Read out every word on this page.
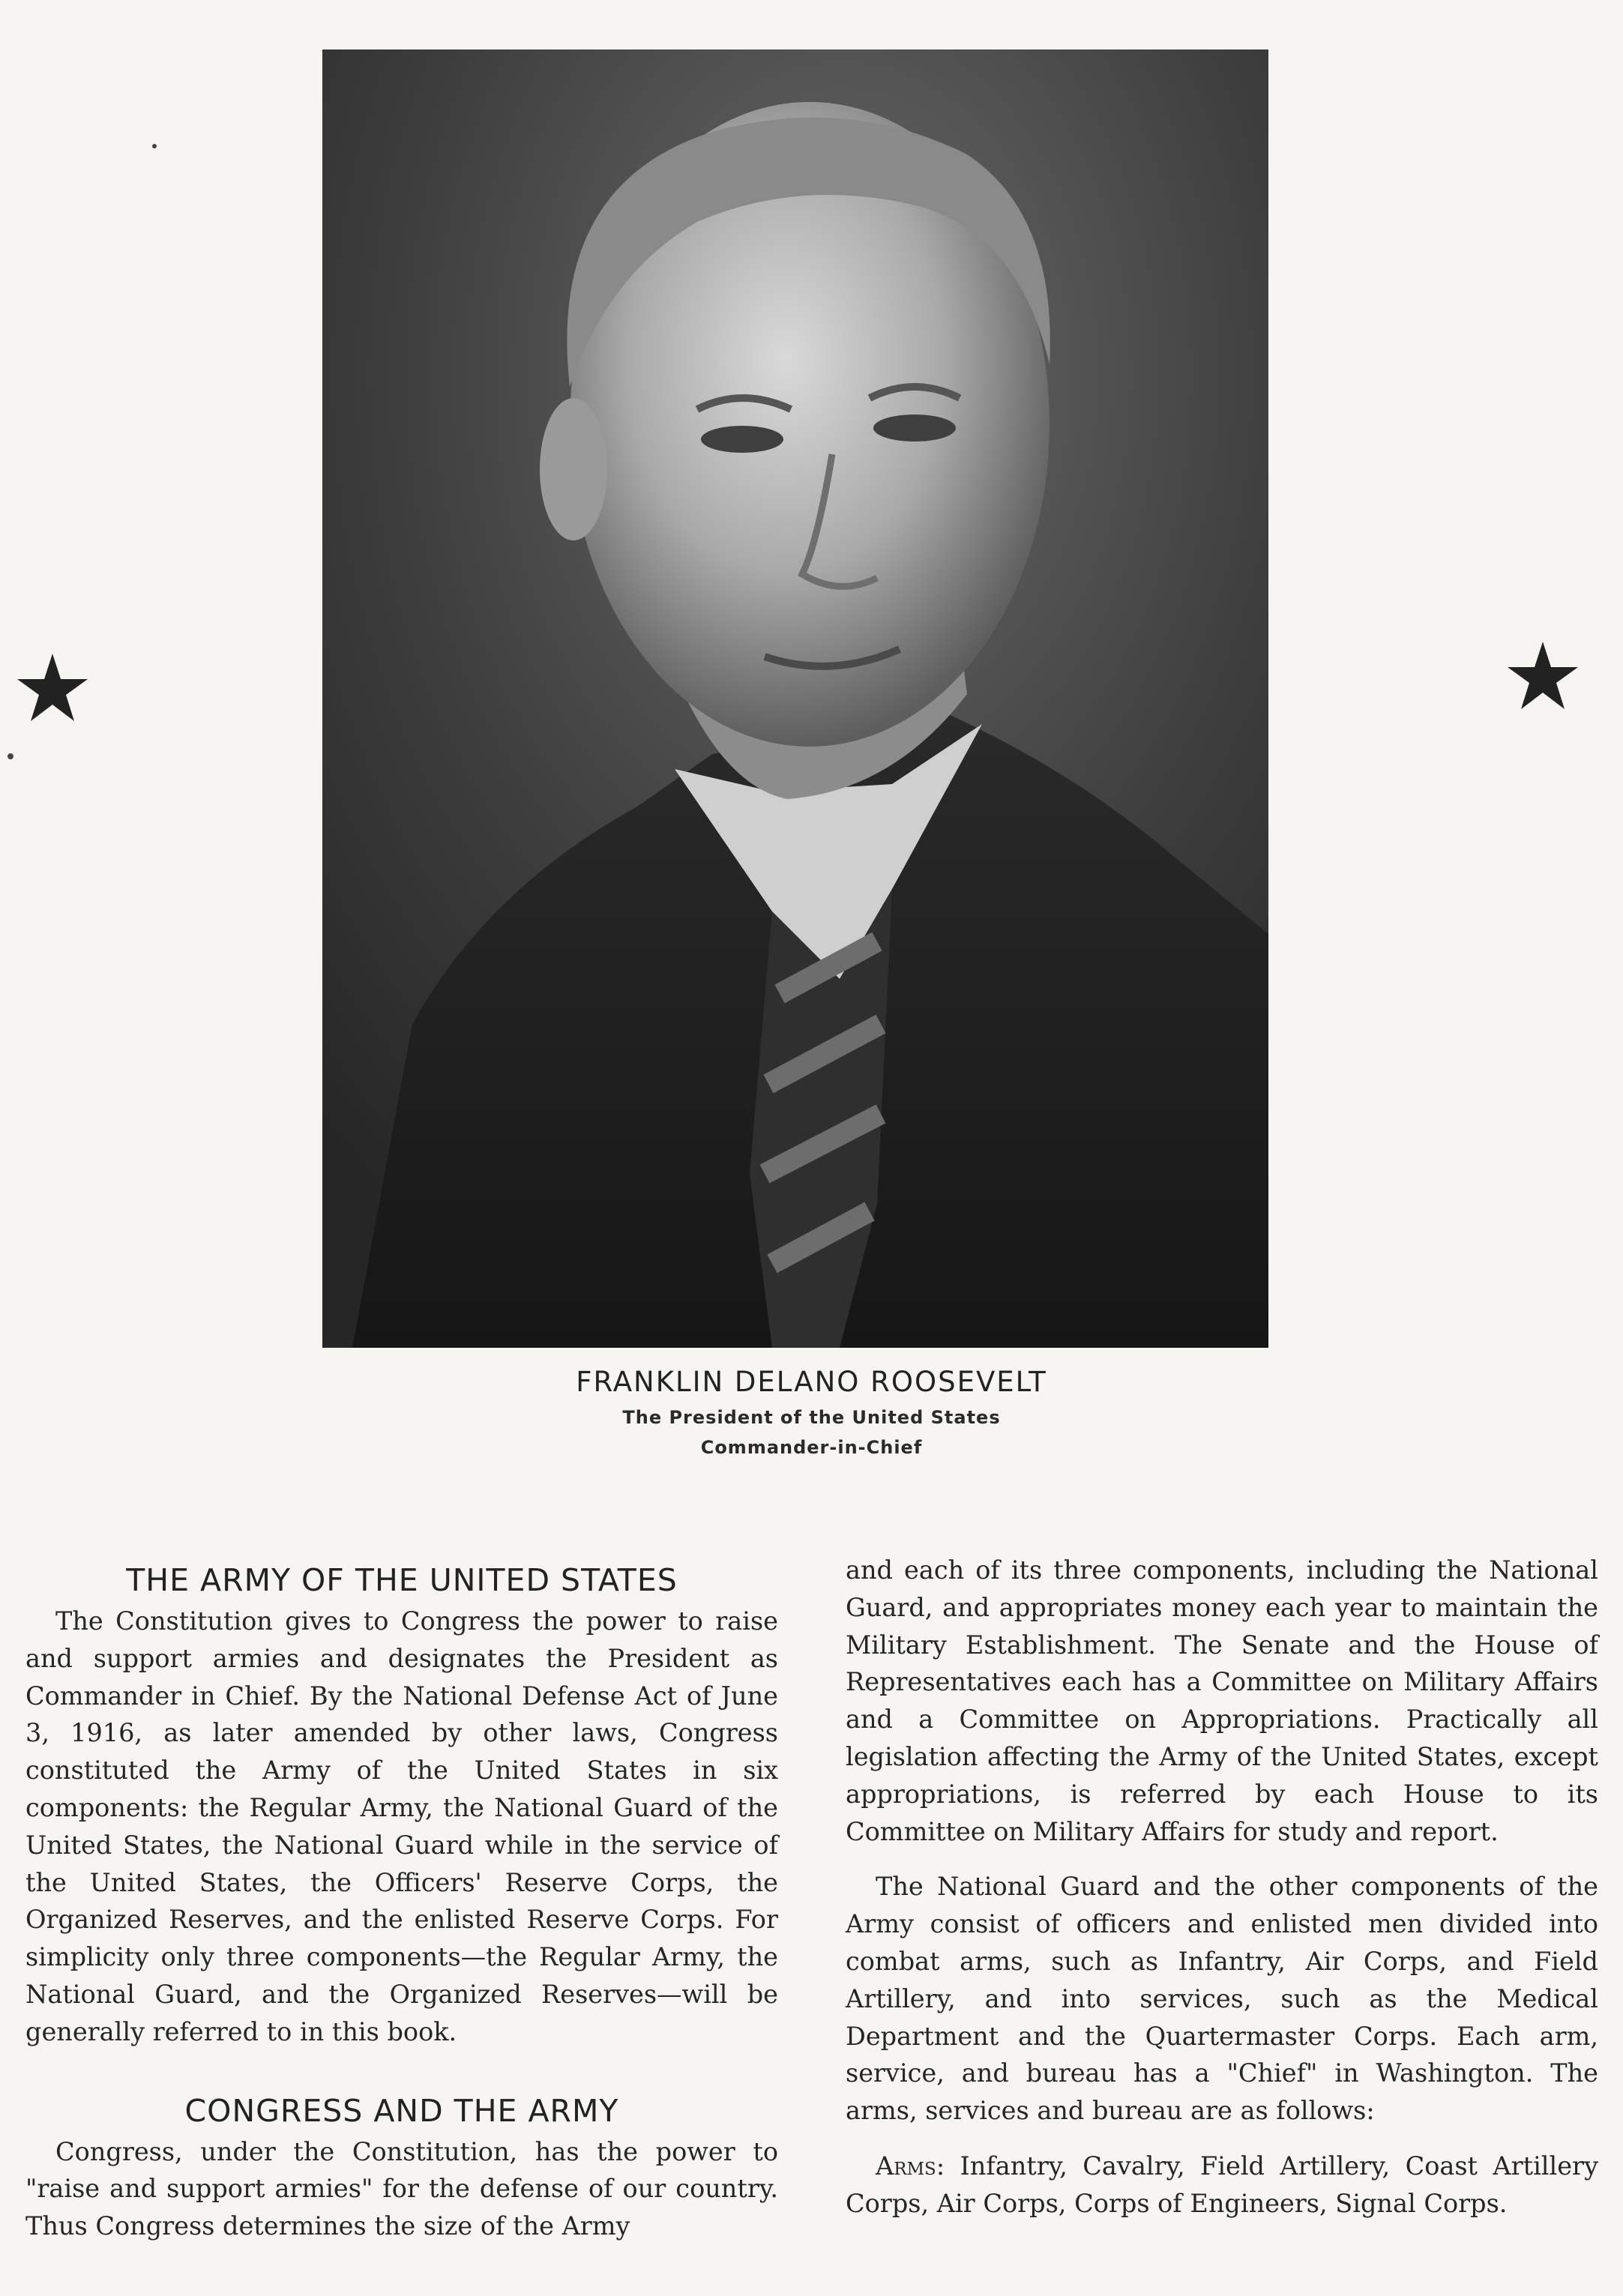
FRANKLIN DELANO ROOSEVELT
The President of the United States
Commander-in-Chief
THE ARMY OF THE UNITED STATES

The Constitution gives to Congress the power to raise and support armies and designates the President as Commander in Chief. By the National Defense Act of June 3, 1916, as later amended by other laws, Congress constituted the Army of the United States in six components: the Regular Army, the National Guard of the United States, the National Guard while in the service of the United States, the Officers' Reserve Corps, the Organized Reserves, and the enlisted Reserve Corps. For simplicity only three components—the Regular Army, the National Guard, and the Organized Reserves—will be generally referred to in this book.

CONGRESS AND THE ARMY

Congress, under the Constitution, has the power to "raise and support armies" for the defense of our country. Thus Congress determines the size of the Army

and each of its three components, including the National Guard, and appropriates money each year to maintain the Military Establishment. The Senate and the House of Representatives each has a Committee on Military Affairs and a Committee on Appropriations. Practically all legislation affecting the Army of the United States, except appropriations, is referred by each House to its Committee on Military Affairs for study and report.

The National Guard and the other components of the Army consist of officers and enlisted men divided into combat arms, such as Infantry, Air Corps, and Field Artillery, and into services, such as the Medical Department and the Quartermaster Corps. Each arm, service, and bureau has a "Chief" in Washington. The arms, services and bureau are as follows:

Arms: Infantry, Cavalry, Field Artillery, Coast Artillery Corps, Air Corps, Corps of Engineers, Signal Corps.
